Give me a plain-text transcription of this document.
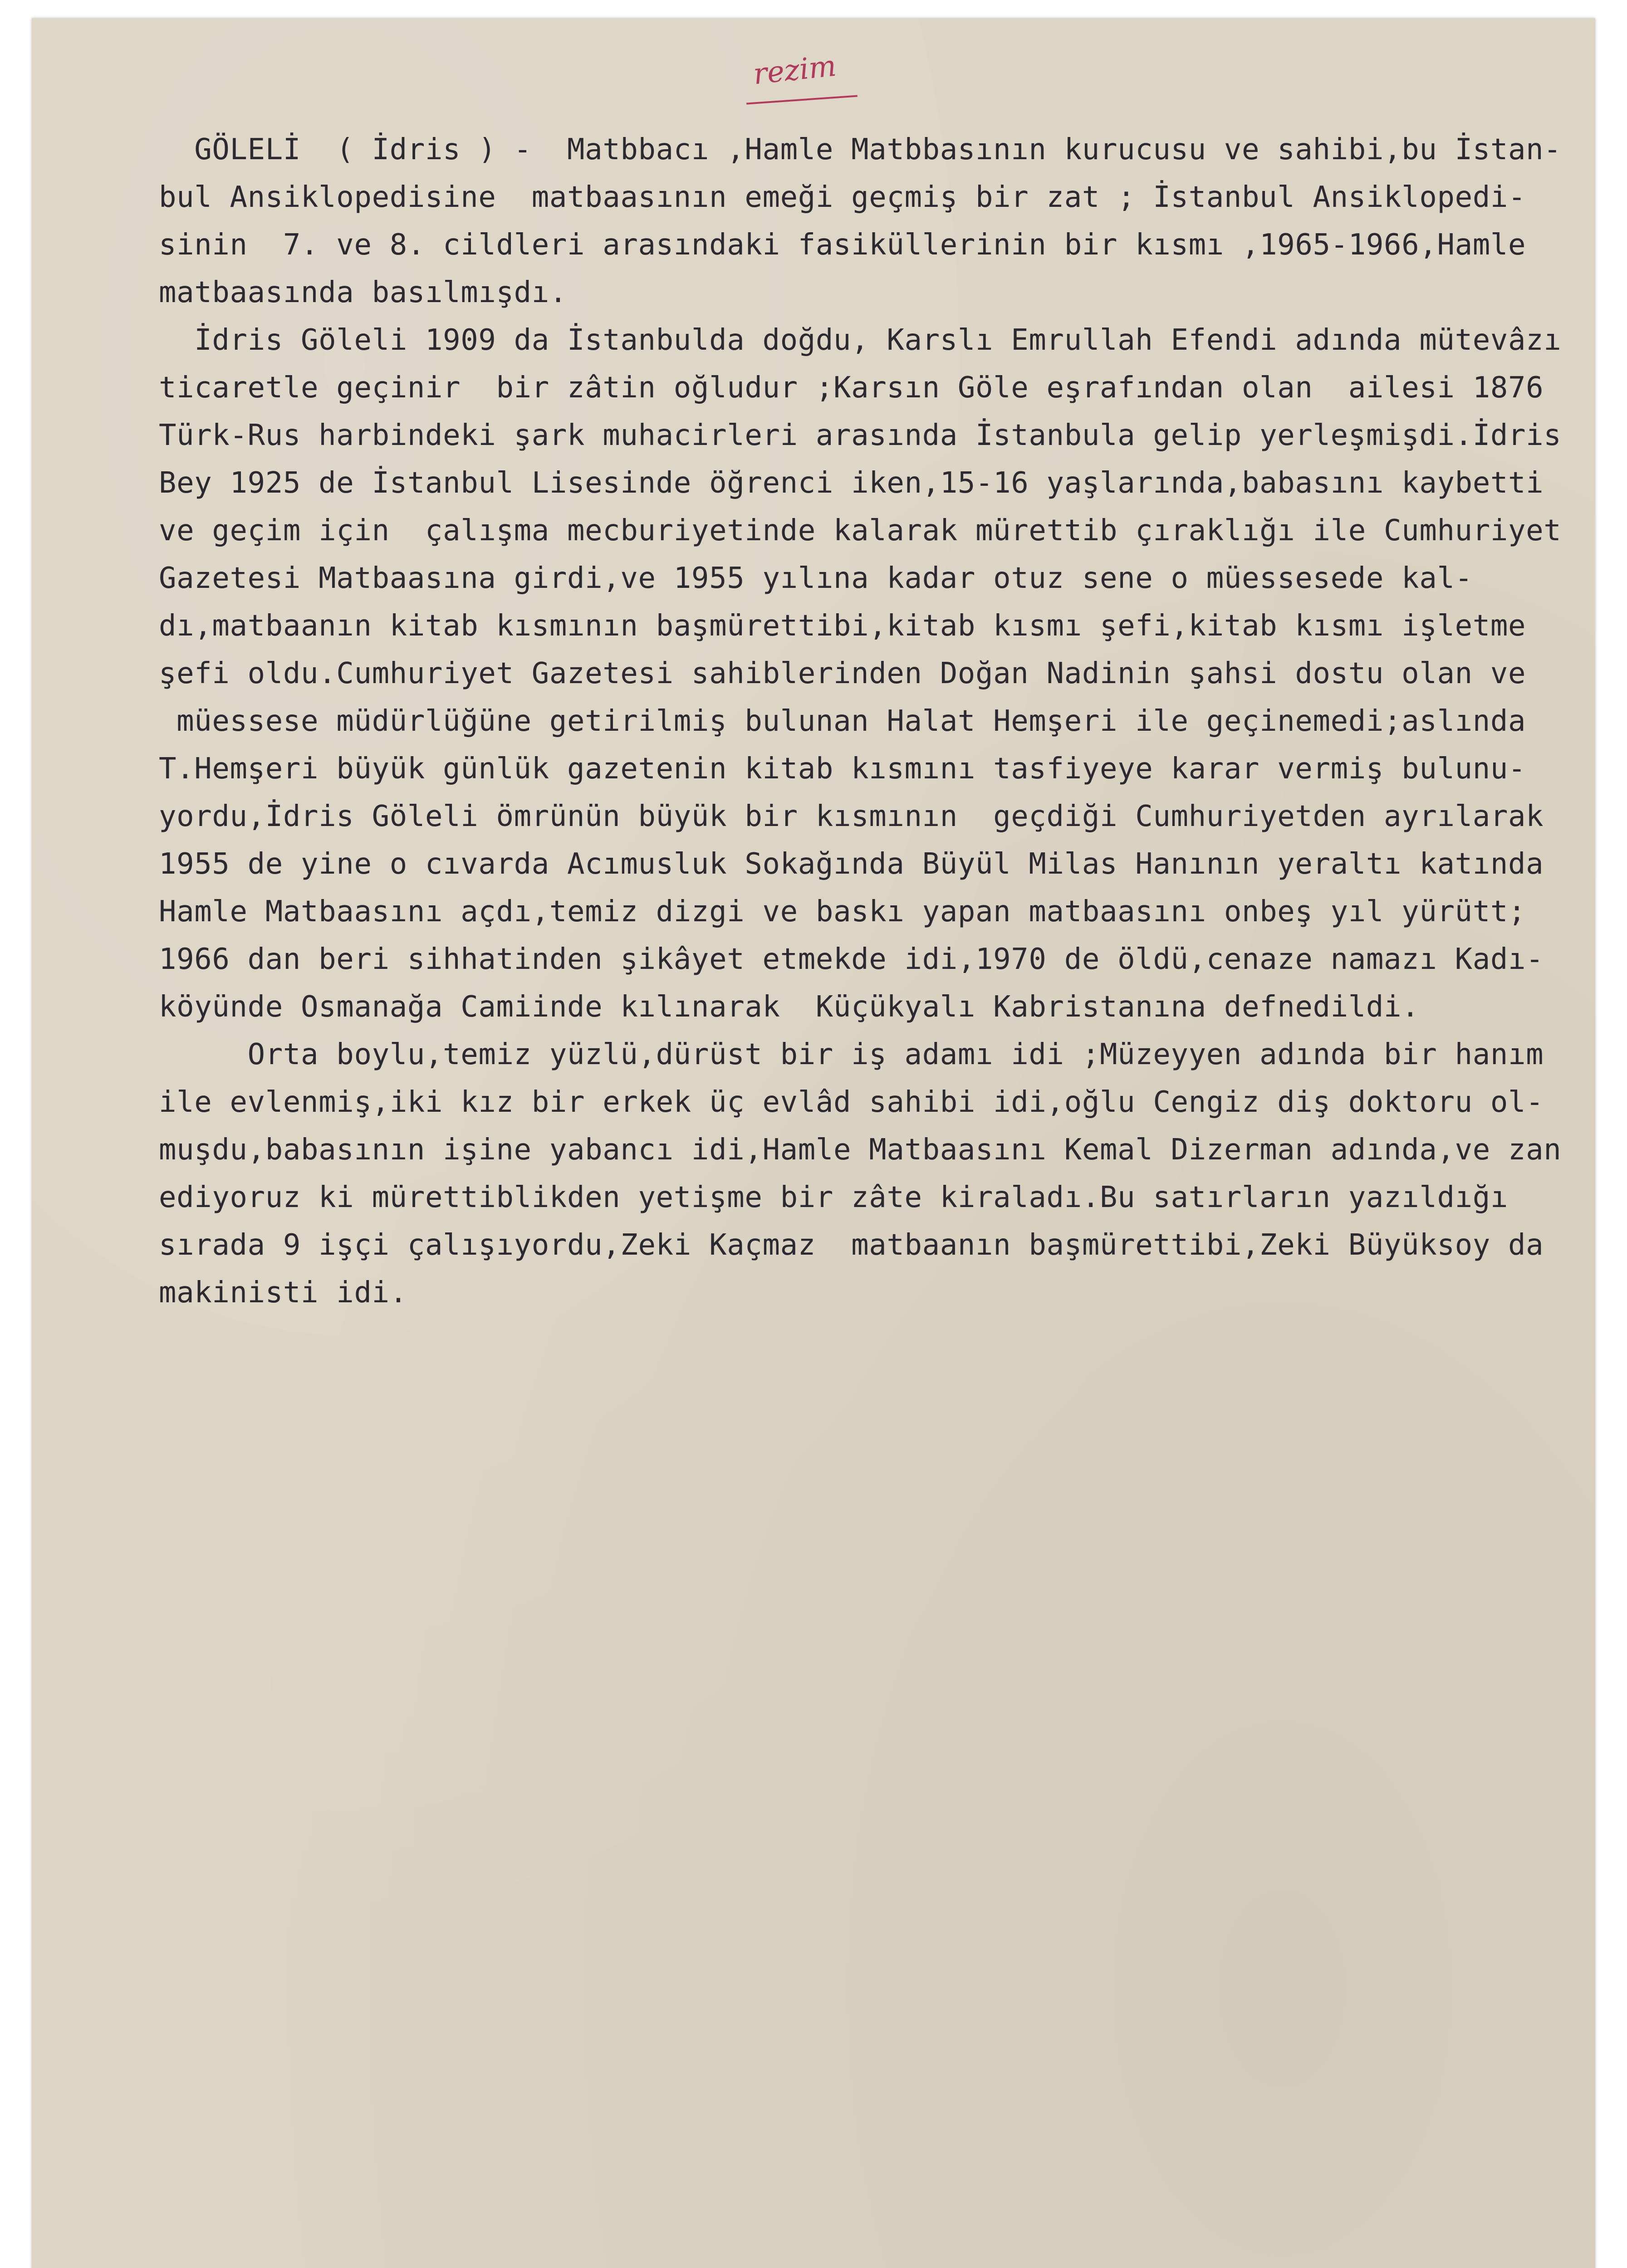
rezim
GÖLELİ  ( İdris ) -  Matbbacı ,Hamle Matbbasının kurucusu ve sahibi,bu İstan-
bul Ansiklopedisine  matbaasının emeği geçmiş bir zat ; İstanbul Ansiklopedi-
sinin  7. ve 8. cildleri arasındaki fasiküllerinin bir kısmı ,1965-1966,Hamle
matbaasında basılmışdı.
İdris Göleli 1909 da İstanbulda doğdu, Karslı Emrullah Efendi adında mütevâzı
ticaretle geçinir  bir zâtin oğludur ;Karsın Göle eşrafından olan  ailesi 1876
Türk-Rus harbindeki şark muhacirleri arasında İstanbula gelip yerleşmişdi.İdris
Bey 1925 de İstanbul Lisesinde öğrenci iken,15-16 yaşlarında,babasını kaybetti
ve geçim için  çalışma mecburiyetinde kalarak mürettib çıraklığı ile Cumhuriyet
Gazetesi Matbaasına girdi,ve 1955 yılına kadar otuz sene o müessesede kal-
dı,matbaanın kitab kısmının başmürettibi,kitab kısmı şefi,kitab kısmı işletme
şefi oldu.Cumhuriyet Gazetesi sahiblerinden Doğan Nadinin şahsi dostu olan ve
müessese müdürlüğüne getirilmiş bulunan Halat Hemşeri ile geçinemedi;aslında
T.Hemşeri büyük günlük gazetenin kitab kısmını tasfiyeye karar vermiş bulunu-
yordu,İdris Göleli ömrünün büyük bir kısmının  geçdiği Cumhuriyetden ayrılarak
1955 de yine o cıvarda Acımusluk Sokağında Büyül Milas Hanının yeraltı katında
Hamle Matbaasını açdı,temiz dizgi ve baskı yapan matbaasını onbeş yıl yürütt;
1966 dan beri sihhatinden şikâyet etmekde idi,1970 de öldü,cenaze namazı Kadı-
köyünde Osmanağa Camiinde kılınarak  Küçükyalı Kabristanına defnedildi.
Orta boylu,temiz yüzlü,dürüst bir iş adamı idi ;Müzeyyen adında bir hanım
ile evlenmiş,iki kız bir erkek üç evlâd sahibi idi,oğlu Cengiz diş doktoru ol-
muşdu,babasının işine yabancı idi,Hamle Matbaasını Kemal Dizerman adında,ve zan
ediyoruz ki mürettiblikden yetişme bir zâte kiraladı.Bu satırların yazıldığı
sırada 9 işçi çalışıyordu,Zeki Kaçmaz  matbaanın başmürettibi,Zeki Büyüksoy da
makinisti idi.
